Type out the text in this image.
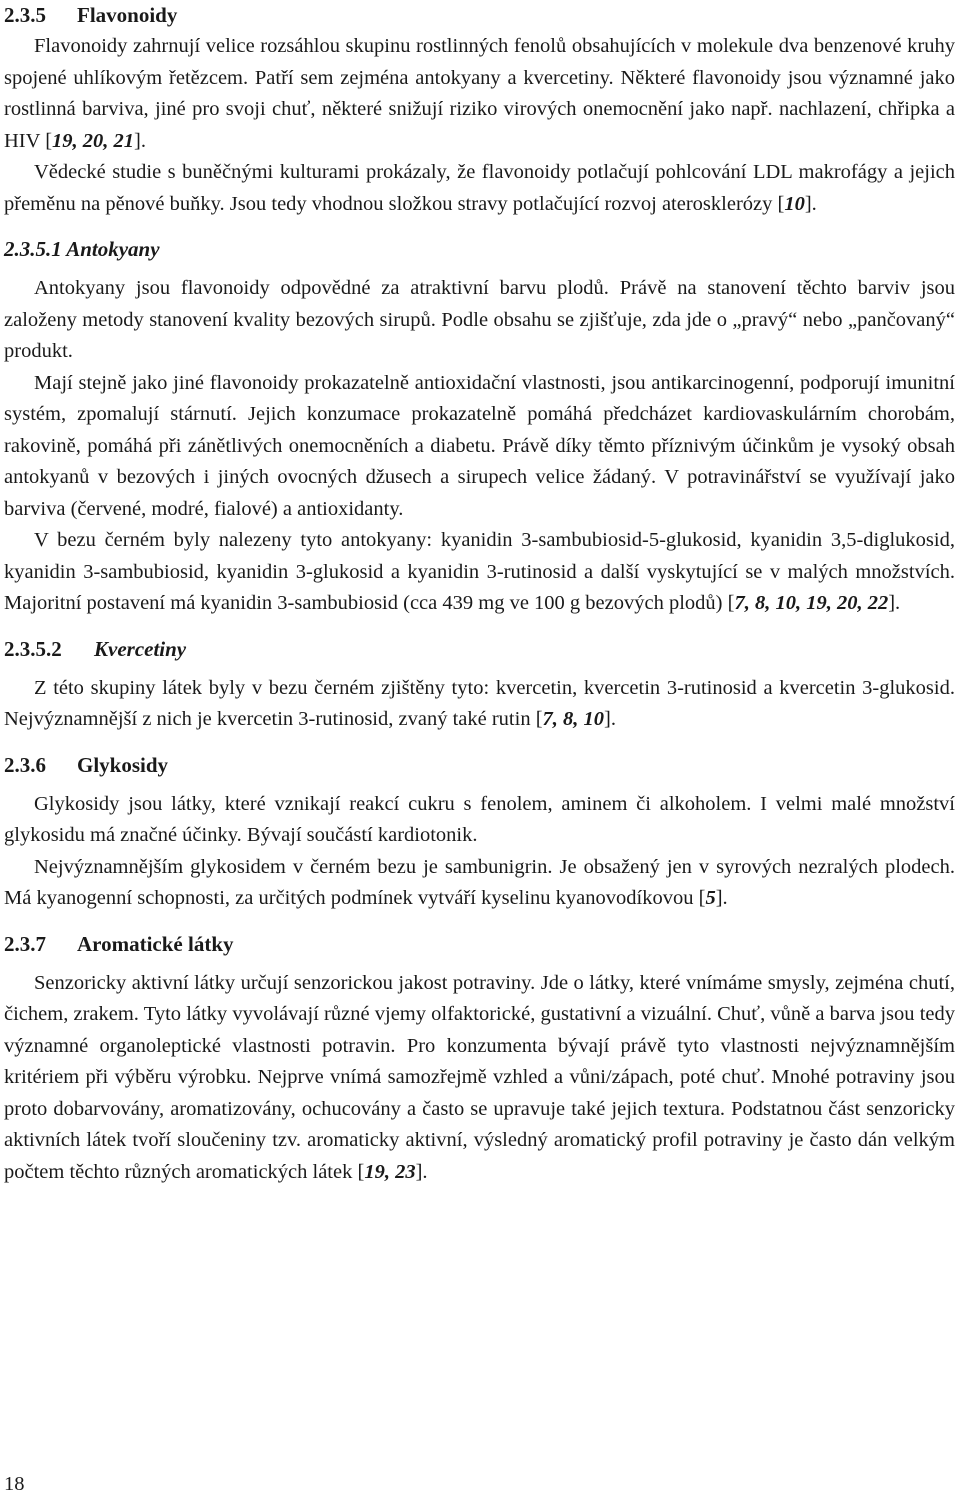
2.3.5 Flavonoidy

Flavonoidy zahrnují velice rozsáhlou skupinu rostlinných fenolů obsahujících v molekule dva benzenové kruhy spojené uhlíkovým řetězcem. Patří sem zejména antokyany a kvercetiny. Některé flavonoidy jsou významné jako rostlinná barviva, jiné pro svoji chuť, některé snižují riziko virových onemocnění jako např. nachlazení, chřipka a HIV [19, 20, 21].

Vědecké studie s buněčnými kulturami prokázaly, že flavonoidy potlačují pohlcování LDL makrofágy a jejich přeměnu na pěnové buňky. Jsou tedy vhodnou složkou stravy potlačující rozvoj aterosklerózy [10].

2.3.5.1 Antokyany

Antokyany jsou flavonoidy odpovědné za atraktivní barvu plodů. Právě na stanovení těchto barviv jsou založeny metody stanovení kvality bezových sirupů. Podle obsahu se zjišťuje, zda jde o „pravý“ nebo „pančovaný“ produkt.

Mají stejně jako jiné flavonoidy prokazatelně antioxidační vlastnosti, jsou antikarcinogenní, podporují imunitní systém, zpomalují stárnutí. Jejich konzumace prokazatelně pomáhá předcházet kardiovaskulárním chorobám, rakovině, pomáhá při zánětlivých onemocněních a diabetu. Právě díky těmto příznivým účinkům je vysoký obsah antokyanů v bezových i jiných ovocných džusech a sirupech velice žádaný. V potravinářství se využívají jako barviva (červené, modré, fialové) a antioxidanty.

V bezu černém byly nalezeny tyto antokyany: kyanidin 3-sambubiosid-5-glukosid, kyanidin 3,5-diglukosid, kyanidin 3-sambubiosid, kyanidin 3-glukosid a kyanidin 3-rutinosid a další vyskytující se v malých množstvích. Majoritní postavení má kyanidin 3-sambubiosid (cca 439 mg ve 100 g bezových plodů) [7, 8, 10, 19, 20, 22].

2.3.5.2 Kvercetiny

Z této skupiny látek byly v bezu černém zjištěny tyto: kvercetin, kvercetin 3-rutinosid a kvercetin 3-glukosid. Nejvýznamnější z nich je kvercetin 3-rutinosid, zvaný také rutin [7, 8, 10].

2.3.6 Glykosidy

Glykosidy jsou látky, které vznikají reakcí cukru s fenolem, aminem či alkoholem. I velmi malé množství glykosidu má značné účinky. Bývají součástí kardiotonik.

Nejvýznamnějším glykosidem v černém bezu je sambunigrin. Je obsažený jen v syrových nezralých plodech. Má kyanogenní schopnosti, za určitých podmínek vytváří kyselinu kyanovodíkovou [5].

2.3.7 Aromatické látky

Senzoricky aktivní látky určují senzorickou jakost potraviny. Jde o látky, které vnímáme smysly, zejména chutí, čichem, zrakem. Tyto látky vyvolávají různé vjemy olfaktorické, gustativní a vizuální. Chuť, vůně a barva jsou tedy významné organoleptické vlastnosti potravin. Pro konzumenta bývají právě tyto vlastnosti nejvýznamnějším kritériem při výběru výrobku. Nejprve vnímá samozřejmě vzhled a vůni/zápach, poté chuť. Mnohé potraviny jsou proto dobarvovány, aromatizovány, ochucovány a často se upravuje také jejich textura. Podstatnou část senzoricky aktivních látek tvoří sloučeniny tzv. aromaticky aktivní, výsledný aromatický profil potraviny je často dán velkým počtem těchto různých aromatických látek [19, 23].

18
